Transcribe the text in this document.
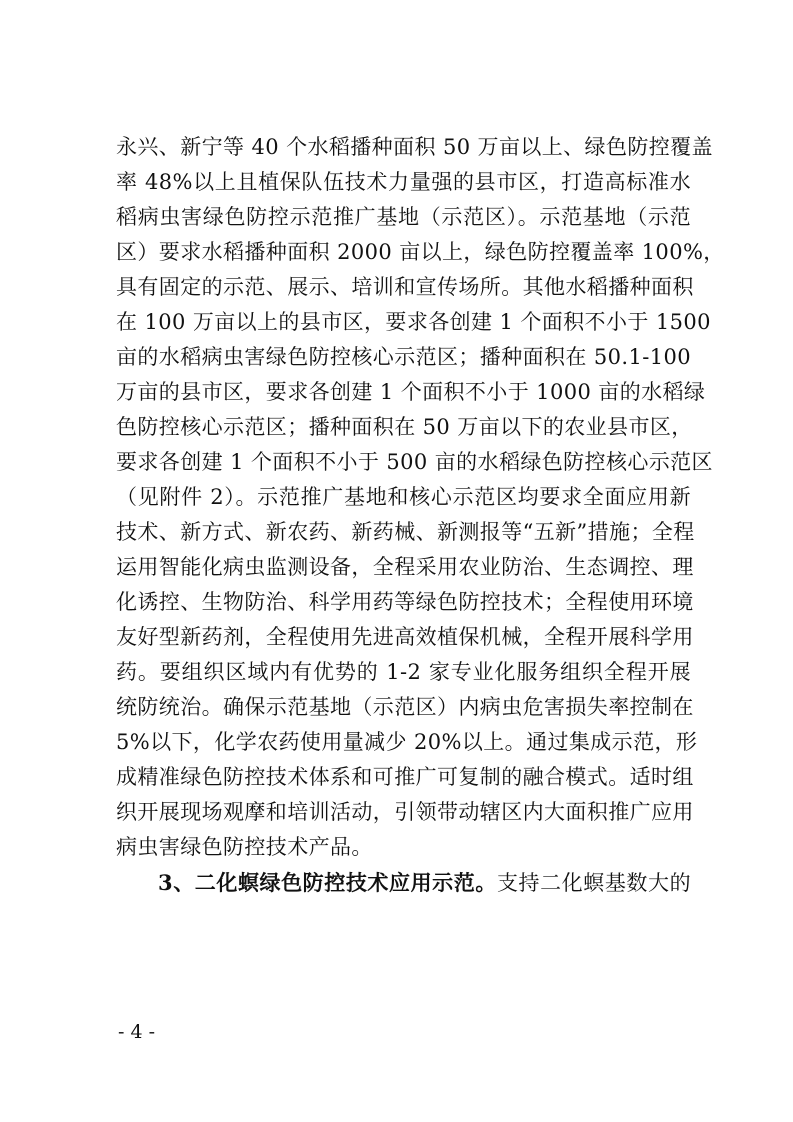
永兴、新宁等 40 个水稻播种面积 50 万亩以上、绿色防控覆盖

率 48%以上且植保队伍技术力量强的县市区，打造高标准水

稻病虫害绿色防控示范推广基地（示范区）。示范基地（示范

区）要求水稻播种面积 2000 亩以上，绿色防控覆盖率 100%，

具有固定的示范、展示、培训和宣传场所。其他水稻播种面积

在 100 万亩以上的县市区，要求各创建 1 个面积不小于 1500

亩的水稻病虫害绿色防控核心示范区；播种面积在 50.1-100

万亩的县市区，要求各创建 1 个面积不小于 1000 亩的水稻绿

色防控核心示范区；播种面积在 50 万亩以下的农业县市区，

要求各创建 1 个面积不小于 500 亩的水稻绿色防控核心示范区

（见附件 2）。示范推广基地和核心示范区均要求全面应用新

技术、新方式、新农药、新药械、新测报等“五新”措施；全程

运用智能化病虫监测设备，全程采用农业防治、生态调控、理

化诱控、生物防治、科学用药等绿色防控技术；全程使用环境

友好型新药剂，全程使用先进高效植保机械，全程开展科学用

药。要组织区域内有优势的 1-2 家专业化服务组织全程开展

统防统治。确保示范基地（示范区）内病虫危害损失率控制在

5%以下，化学农药使用量减少 20%以上。通过集成示范，形

成精准绿色防控技术体系和可推广可复制的融合模式。适时组

织开展现场观摩和培训活动，引领带动辖区内大面积推广应用

病虫害绿色防控技术产品。

3、二化螟绿色防控技术应用示范。支持二化螟基数大的

- 4 -
